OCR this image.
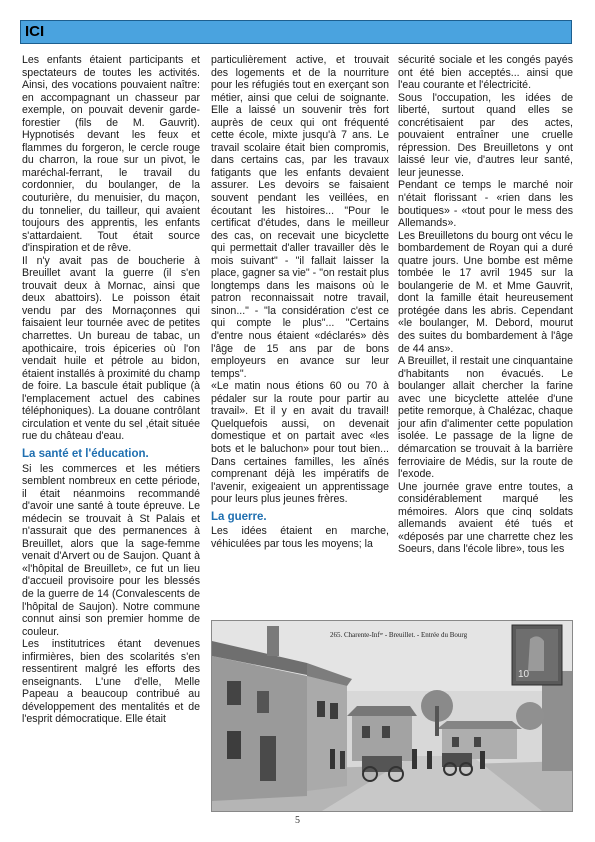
ICI

Les enfants étaient participants et spectateurs de toutes les activités. Ainsi, des vocations pouvaient naître: en accompagnant un chasseur par exemple, on pouvait devenir garde-forestier (fils de M. Gauvrit). Hypnotisés devant les feux et flammes du forgeron, le cercle rouge du charron, la roue sur un pivot, le maréchal-ferrant, le travail du cordonnier, du boulanger, de la couturière, du menuisier, du maçon, du tonnelier, du tailleur, qui avaient toujours des apprentis, les enfants s'attardaient. Tout était source d'inspiration et de rêve.

Il n'y avait pas de boucherie à Breuillet avant la guerre (il s'en trouvait deux à Mornac, ainsi que deux abattoirs). Le poisson était vendu par des Mornaçonnes qui faisaient leur tournée avec de petites charrettes. Un bureau de tabac, un apothicaire, trois épiceries où l'on vendait huile et pétrole au bidon, étaient installés à proximité du champ de foire. La bascule était publique (à l'emplacement actuel des cabines téléphoniques). La douane contrôlant circulation et vente du sel ,était située rue du château d'eau.

La santé et l'éducation.

Si les commerces et les métiers semblent nombreux en cette période, il était néanmoins recommandé d'avoir une santé à toute épreuve. Le médecin se trouvait à St Palais et n'assurait que des permanences à Breuillet, alors que la sage-femme venait d'Arvert ou de Saujon. Quant à «l'hôpital de Breuillet», ce fut un lieu d'accueil provisoire pour les blessés de la guerre de 14 (Convalescents de l'hôpital de Saujon). Notre commune connut ainsi son premier homme de couleur.

Les institutrices étant devenues infirmières, bien des scolarités s'en ressentirent malgré les efforts des enseignants. L'une d'elle, Melle Papeau a beaucoup contribué au développement des mentalités et de l'esprit démocratique. Elle était

particulièrement active, et trouvait des logements et de la nourriture pour les réfugiés tout en exerçant son métier, ainsi que celui de soignante. Elle a laissé un souvenir très fort auprès de ceux qui ont fréquenté cette école, mixte jusqu'à 7 ans. Le travail scolaire était bien compromis, dans certains cas, par les travaux fatigants que les enfants devaient assurer. Les devoirs se faisaient souvent pendant les veillées, en écoutant les histoires... "Pour le certificat d'études, dans le meilleur des cas, on recevait une bicyclette qui permettait d'aller travailler dès le mois suivant" - "il fallait laisser la place, gagner sa vie" - "on restait plus longtemps dans les maisons où le patron reconnaissait notre travail, sinon..." - "la considération c'est ce qui compte le plus"... "Certains d'entre nous étaient «déclarés» dès l'âge de 15 ans par de bons employeurs en avance sur leur temps".

«Le matin nous étions 60 ou 70 à pédaler sur la route pour partir au travail». Et il y en avait du travail! Quelquefois aussi, on devenait domestique et on partait avec «les bots et le baluchon» pour tout bien... Dans certaines familles, les aînés comprenant déjà les impératifs de l'avenir, exigeaient un apprentissage pour leurs plus jeunes frères.

La guerre.

Les idées étaient en marche, véhiculées par tous les moyens; la

sécurité sociale et les congés payés ont été bien acceptés... ainsi que l'eau courante et l'électricité.

Sous l'occupation, les idées de liberté, surtout quand elles se concrétisaient par des actes, pouvaient entraîner une cruelle répression. Des Breuilletons y ont laissé leur vie, d'autres leur santé, leur jeunesse.

Pendant ce temps le marché noir n'était florissant - «rien dans les boutiques» - «tout pour le mess des Allemands».

Les Breuilletons du bourg ont vécu le bombardement de Royan qui a duré quatre jours. Une bombe est même tombée le 17 avril 1945 sur la boulangerie de M. et Mme Gauvrit, dont la famille était heureusement protégée dans les abris. Cependant «le boulanger, M. Debord, mourut des suites du bombardement à l'âge de 44 ans».

A Breuillet, il restait une cinquantaine d'habitants non évacués. Le boulanger allait chercher la farine avec une bicyclette attelée d'une petite remorque, à Chalézac, chaque jour afin d'alimenter cette population isolée. Le passage de la ligne de démarcation se trouvait à la barrière ferroviaire de Médis, sur la route de l'exode.

Une journée grave entre toutes, a considérablement marqué les mémoires. Alors que cinq soldats allemands avaient été tués et «déposés par une charrette chez les Soeurs, dans l'école libre», tous les

10
265. Charente-Infʳᵉ - Breuillet. - Entrée du Bourg
5
